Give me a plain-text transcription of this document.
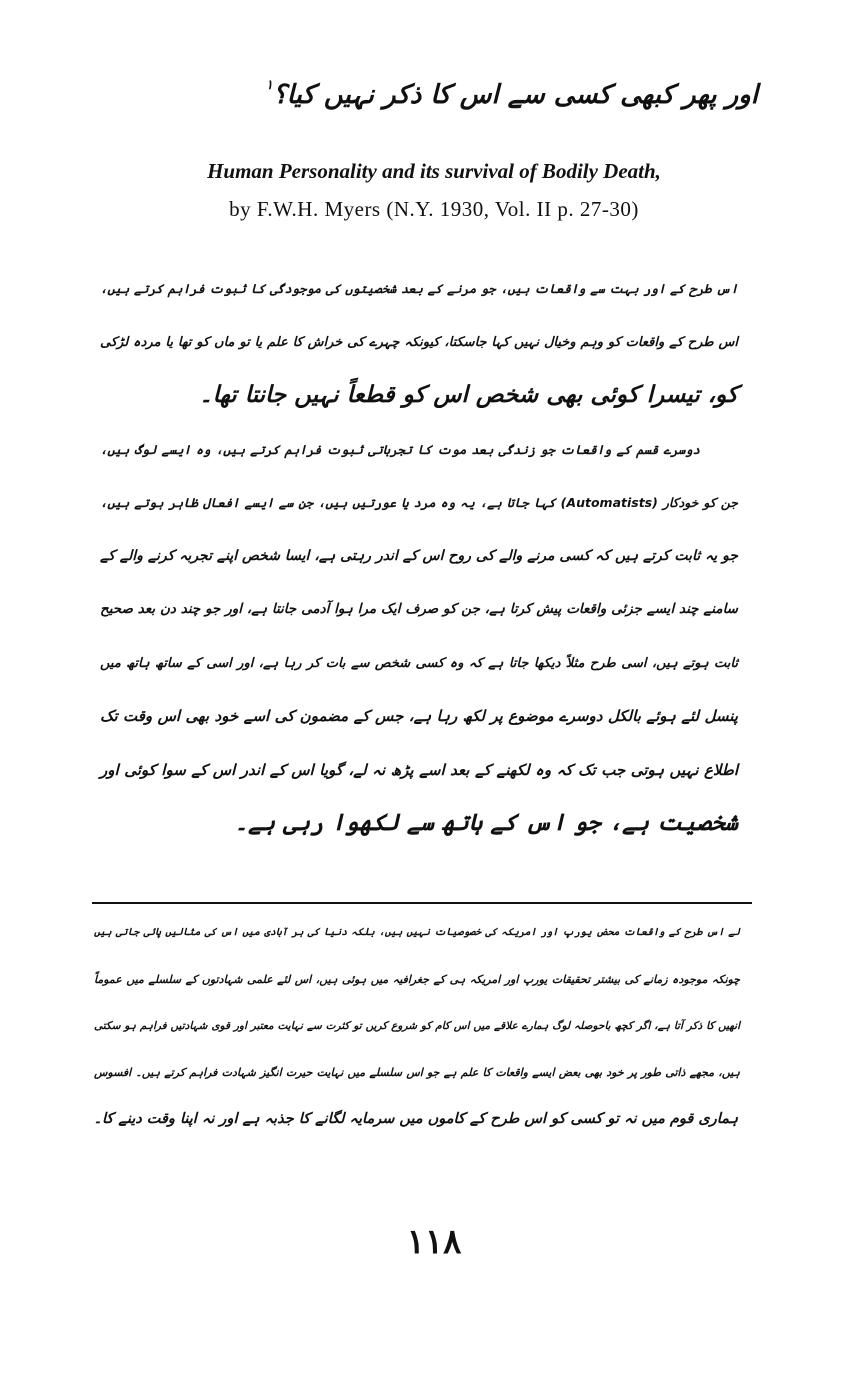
اور پھر کبھی کسی سے اس کا ذکر نہیں کیا؟$^۱$
Human Personality and its survival of Bodily Death,
by F.W.H. Myers (N.Y. 1930, Vol. II p. 27-30)
اس طرح کے اور بہت سے واقعات ہیں، جو مرنے کے بعد شخصیتوں کی موجودگی کا ثبوت فراہم کرتے ہیں،
اس طرح کے واقعات کو وہم وخیال نہیں کہا جاسکتا، کیونکہ چہرے کی خراش کا علم یا تو ماں کو تھا یا مردہ لڑکی
کو، تیسرا کوئی بھی شخص اس کو قطعاً نہیں جانتا تھا۔
دوسرے قسم کے واقعات جو زندگی بعد موت کا تجرباتی ثبوت فراہم کرتے ہیں، وہ ایسے لوگ ہیں،
جن کو خودکار (Automatists) کہا جاتا ہے، یہ وہ مرد یا عورتیں ہیں، جن سے ایسے افعال ظاہر ہوتے ہیں،
جو یہ ثابت کرتے ہیں کہ کسی مرنے والے کی روح اس کے اندر رہتی ہے، ایسا شخص اپنے تجربہ کرنے والے کے
سامنے چند ایسے جزئی واقعات پیش کرتا ہے، جن کو صرف ایک مرا ہوا آدمی جانتا ہے، اور جو چند دن بعد صحیح
ثابت ہوتے ہیں، اسی طرح مثلاً دیکھا جاتا ہے کہ وہ کسی شخص سے بات کر رہا ہے، اور اسی کے ساتھ ہاتھ میں
پنسل لئے ہوئے بالکل دوسرے موضوع پر لکھ رہا ہے، جس کے مضمون کی اسے خود بھی اس وقت تک
اطلاع نہیں ہوتی جب تک کہ وہ لکھنے کے بعد اسے پڑھ نہ لے، گویا اس کے اندر اس کے سوا کوئی اور
شخصیت ہے، جو اس کے ہاتھ سے لکھوا رہی ہے۔
لے اس طرح کے واقعات محض یورپ اور امریکہ کی خصوصیات نہیں ہیں، بلکہ دنیا کی ہر آبادی میں اس کی مثالیں پائی جاتی ہیں
چونکہ موجودہ زمانے کی بیشتر تحقیقات یورپ اور امریکہ ہی کے جغرافیہ میں ہوئی ہیں، اس لئے علمی شہادتوں کے سلسلے میں عموماً
انھیں کا ذکر آتا ہے، اگر کچھ باحوصلہ لوگ ہمارے علاقے میں اس کام کو شروع کریں تو کثرت سے نہایت معتبر اور قوی شہادتیں فراہم ہو سکتی
ہیں، مجھے ذاتی طور پر خود بھی بعض ایسے واقعات کا علم ہے جو اس سلسلے میں نہایت حیرت انگیز شہادت فراہم کرتے ہیں۔ افسوس
ہماری قوم میں نہ تو کسی کو اس طرح کے کاموں میں سرمایہ لگانے کا جذبہ ہے اور نہ اپنا وقت دینے کا۔
۱۱۸
